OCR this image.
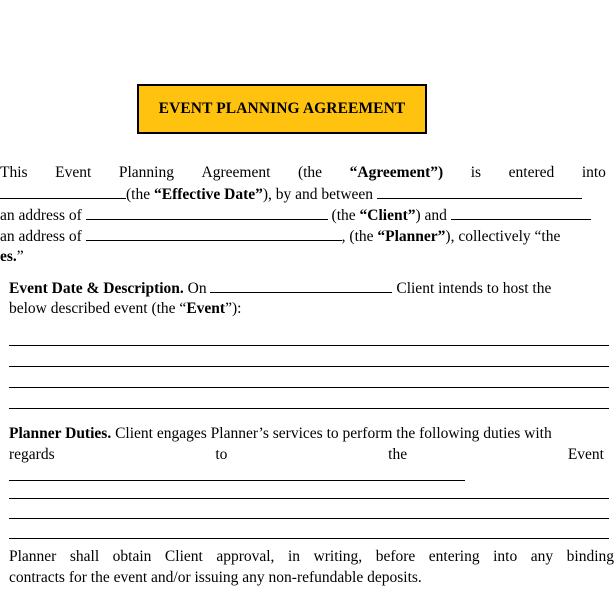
EVENT PLANNING AGREEMENT
This Event Planning Agreement (the “Agreement”) is entered into
(the “Effective Date”), by and between
an address of	(the “Client”) and
an address of	, (the “Planner”), collectively “the
es.”
Event Date & Description. On	Client intends to host the
below described event (the “Event”):
Planner Duties. Client engages Planner’s services to perform the following duties with
regards	to	the	Event
Planner shall obtain Client approval, in writing, before entering into any binding
contracts for the event and/or issuing any non-refundable deposits.
